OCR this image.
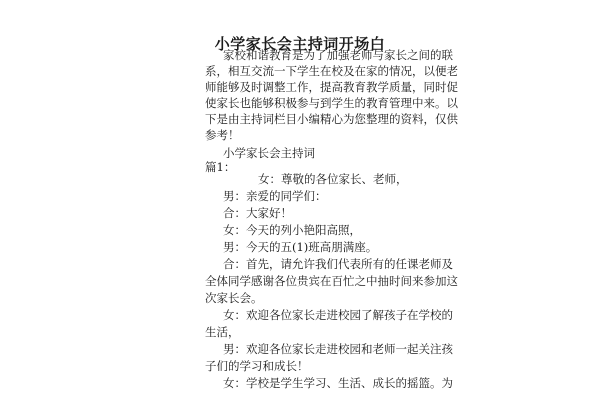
小学家长会主持词开场白
家校和谐教育是为了加强老师与家长之间的联
系，相互交流一下学生在校及在家的情况，以便老
师能够及时调整工作，提高教育教学质量，同时促
使家长也能够积极参与到学生的教育管理中来。以
下是由主持词栏目小编精心为您整理的资料，仅供
参考！
小学家长会主持词
篇1：
女：尊敬的各位家长、老师，
男：亲爱的同学们：
合：大家好！
女：今天的列小艳阳高照，
男：今天的五(1)班高朋满座。
合：首先，请允许我们代表所有的任课老师及
全体同学感谢各位贵宾在百忙之中抽时间来参加这
次家长会。
女：欢迎各位家长走进校园了解孩子在学校的
生活，
男：欢迎各位家长走进校园和老师一起关注孩
子们的学习和成长！
女：学校是学生学习、生活、成长的摇篮。为
